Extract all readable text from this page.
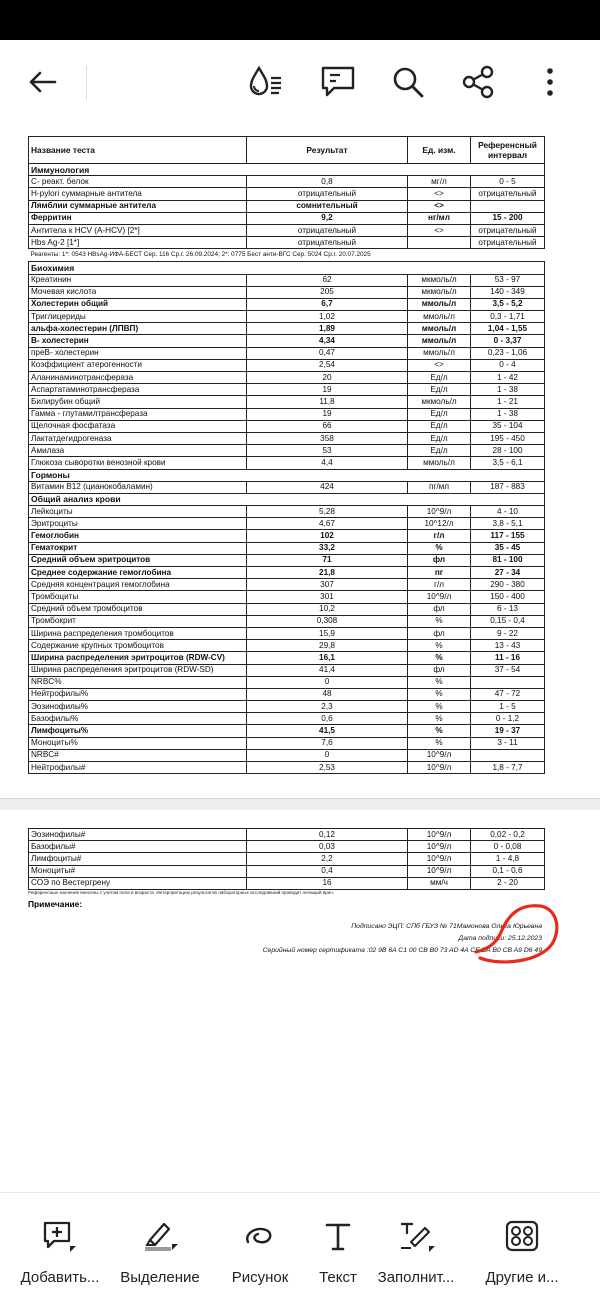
Название теста	Результат	Ед. изм.	Референсный интервал
Иммунология			
С- реакт. белок	0,8	мг/л	0 - 5
H-pylori суммарные антитела	отрицательный	<>	отрицательный
Лямблии суммарные антитела	сомнительный	<>	
Ферритин	9,2	нг/мл	15 - 200
Антитела к HCV (A-HCV) [2*]	отрицательный	<>	отрицательный
Hbs Ag-2 [1*]	отрицательный		отрицательный
Реагенты: 1*: 0543 HBsAg-ИФА-БЕСТ Сер. 116 Ср.г. 26.09.2024; 2*: 0775 Бест анти-ВГС Сер. 5024 Ср.г. 20.07.2025			
Биохимия			
Креатинин	62	мкмоль/л	53 - 97
Мочевая кислота	205	мкмоль/л	140 - 349
Холестерин общий	6,7	ммоль/л	3,5 - 5,2
Триглицериды	1,02	ммоль/л	0,3 - 1,71
альфа-холестерин (ЛПВП)	1,89	ммоль/л	1,04 - 1,55
В- холестерин	4,34	ммоль/л	0 - 3,37
преВ- холестерин	0,47	ммоль/л	0,23 - 1,06
Коэффициент атерогенности	2,54	<>	0 - 4
Аланинаминотрансфераза	20	Ед/л	1 - 42
Аспартатаминотрансфераза	19	Ед/л	1 - 38
Билирубин общий	11,8	мкмоль/л	1 - 21
Гамма - глутамилтрансфераза	19	Ед/л	1 - 38
Щелочная фосфатаза	66	Ед/л	35 - 104
Лактатдегидрогеназа	358	Ед/л	195 - 450
Амилаза	53	Ед/л	28 - 100
Глюкоза сыворотки венозной крови	4,4	ммоль/л	3,5 - 6,1
Гормоны			
Витамин В12 (цианокобаламин)	424	пг/мл	187 - 883
Общий анализ крови			
Лейкоциты	5,28	10^9/л	4 - 10
Эритроциты	4,67	10^12/л	3,8 - 5,1
Гемоглобин	102	г/л	117 - 155
Гематокрит	33,2	%	35 - 45
Средний объем эритроцитов	71	фл	81 - 100
Среднее содержание гемоглобина	21,8	пг	27 - 34
Средняя концентрация гемоглобина	307	г/л	290 - 380
Тромбоциты	301	10^9/л	150 - 400
Средний объем тромбоцитов	10,2	фл	6 - 13
Тромбокрит	0,308	%	0,15 - 0,4
Ширина распределения тромбоцитов	15,9	фл	9 - 22
Содержание крупных тромбоцитов	29,8	%	13 - 43
Ширина распределения эритроцитов (RDW-CV)	16,1	%	11 - 16
Ширина распределения эритроцитов (RDW-SD)	41,4	фл	37 - 54
NRBC%	0	%	
Нейтрофилы%	48	%	47 - 72
Эозинофилы%	2,3	%	1 - 5
Базофилы%	0,6	%	0 - 1,2
Лимфоциты%	41,5	%	19 - 37
Моноциты%	7,6	%	3 - 11
NRBC#	0	10^9/л	
Нейтрофилы#	2,53	10^9/л	1,8 - 7,7
Эозинофилы#	0,12	10^9/л	0,02 - 0,2
Базофилы#	0,03	10^9/л	0 - 0,08
Лимфоциты#	2,2	10^9/л	1 - 4,8
Моноциты#	0,4	10^9/л	0,1 - 0,6
СОЭ по Вестергрену	16	мм/ч	2 - 20
Референсные значения внесены с учетом пола и возраста. Интерпретацию результатов лабораторных исследований проводит лечащий врач.
Примечание:
Подписано ЭЦП: СПб ГБУЗ № 71Мамонова Ольга Юрьевна
Дата подписи: 25.12.2023
Серийный номер сертификата :02 9B 6A C1 00 CB B0 73 AD 4A CE BA B0 CB A9 D6 49
Добавить...	Выделение	Рисунок	Текст	Заполнит...	Другие и...
